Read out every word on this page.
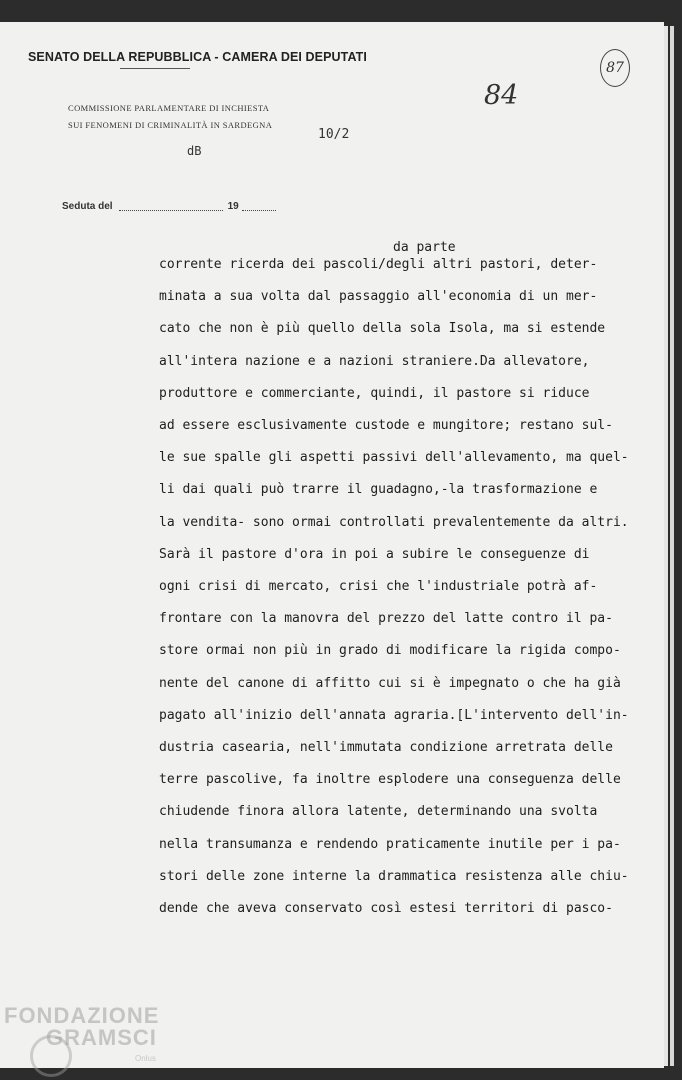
SENATO DELLA REPUBBLICA - CAMERA DEI DEPUTATI
COMMISSIONE PARLAMENTARE DI INCHIESTA
SUI FENOMENI DI CRIMINALITÀ IN SARDEGNA
dB
10/2
84
87
Seduta del	19
da parte
corrente ricerda dei pascoli/degli altri pastori, deter-
minata a sua volta dal passaggio all'economia di un mer-
cato che non è più quello della sola Isola, ma si estende
all'intera nazione e a nazioni straniere.Da allevatore,
produttore e commerciante, quindi, il pastore si riduce
ad essere esclusivamente custode e mungitore; restano sul-
le sue spalle gli aspetti passivi dell'allevamento, ma quel-
li dai quali può trarre il guadagno,-la trasformazione e
la vendita- sono ormai controllati prevalentemente da altri.
Sarà il pastore d'ora in poi a subire le conseguenze di
ogni crisi di mercato, crisi che l'industriale potrà af-
frontare con la manovra del prezzo del latte contro il pa-
store ormai non più in grado di modificare la rigida compo-
nente del canone di affitto cui si è impegnato o che ha già
pagato all'inizio dell'annata agraria.[L'intervento dell'in-
dustria casearia, nell'immutata condizione arretrata delle
terre pascolive, fa inoltre esplodere una conseguenza delle
chiudende finora allora latente, determinando una svolta
nella transumanza e rendendo praticamente inutile per i pa-
stori delle zone interne la drammatica resistenza alle chiu-
dende che aveva conservato così estesi territori di pasco-
FONDAZIONE
GRAMSCI
Onlus
